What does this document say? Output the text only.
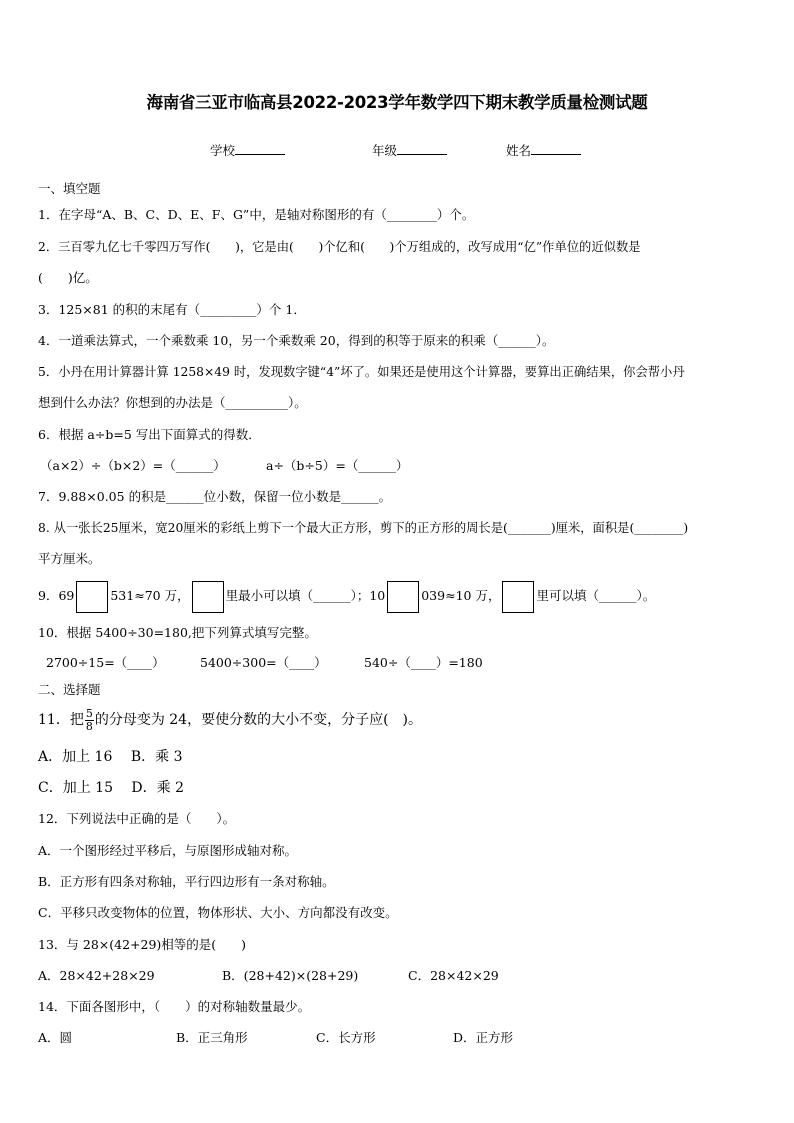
海南省三亚市临高县2022-2023学年数学四下期末教学质量检测试题
学校	年级	姓名
一、填空题
1．在字母“A、B、C、D、E、F、G”中，是轴对称图形的有（________）个。
2．三百零九亿七千零四万写作(　　)，它是由(　　)个亿和(　　)个万组成的，改写成用“亿”作单位的近似数是
(　　)亿。
3．125×81 的积的末尾有（_________）个 1．
4．一道乘法算式，一个乘数乘 10，另一个乘数乘 20，得到的积等于原来的积乘（______）。
5．小丹在用计算器计算 1258×49 时，发现数字键“4”坏了。如果还是使用这个计算器，要算出正确结果，你会帮小丹
想到什么办法？你想到的办法是（__________）。
6．根据 a÷b=5 写出下面算式的得数．
（a×2）÷（b×2）=（______）	a÷（b÷5）=（______）
7．9.88×0.05 的积是______位小数，保留一位小数是______。
8. 从一张长25厘米，宽20厘米的彩纸上剪下一个最大正方形，剪下的正方形的周长是(_______)厘米，面积是(________)
平方厘米。
9．69	531≈70 万，	里最小可以填（______）；10	039≈10 万，	里可以填（______）。
10．根据 5400÷30=180,把下列算式填写完整。
2700÷15=（____）	5400÷300=（____）	540÷（____）=180
二、选择题
11．把 $\frac{5}{8}$ 的分母变为 24，要使分数的大小不变，分子应(　)。
A．加上 16　 B．乘 3
C．加上 15　 D．乘 2
12．下列说法中正确的是（　　）。
A．一个图形经过平移后，与原图形成轴对称。
B．正方形有四条对称轴，平行四边形有一条对称轴。
C．平移只改变物体的位置，物体形状、大小、方向都没有改变。
13．与 28×(42+29)相等的是(　　)
A．28×42+28×29	B．(28+42)×(28+29)	C．28×42×29
14．下面各图形中，（　　）的对称轴数量最少。
A．圆	B．正三角形	C．长方形	D．正方形
